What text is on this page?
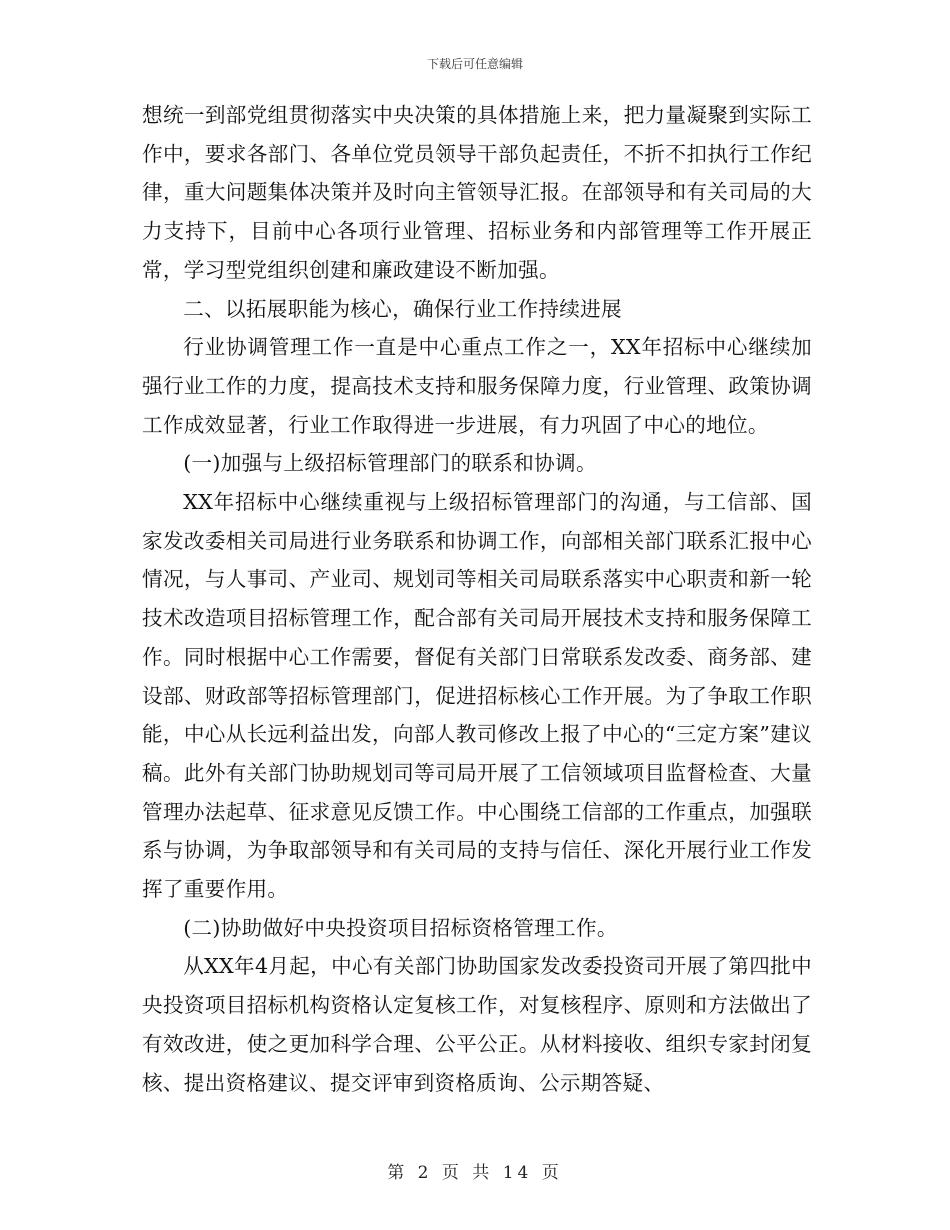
下载后可任意编辑

想统一到部党组贯彻落实中央决策的具体措施上来，把力量凝聚到实际工作中，要求各部门、各单位党员领导干部负起责任，不折不扣执行工作纪律，重大问题集体决策并及时向主管领导汇报。在部领导和有关司局的大力支持下，目前中心各项行业管理、招标业务和内部管理等工作开展正常，学习型党组织创建和廉政建设不断加强。

二、以拓展职能为核心，确保行业工作持续进展

行业协调管理工作一直是中心重点工作之一，XX年招标中心继续加强行业工作的力度，提高技术支持和服务保障力度，行业管理、政策协调工作成效显著，行业工作取得进一步进展，有力巩固了中心的地位。

(一)加强与上级招标管理部门的联系和协调。

XX年招标中心继续重视与上级招标管理部门的沟通，与工信部、国家发改委相关司局进行业务联系和协调工作，向部相关部门联系汇报中心情况，与人事司、产业司、规划司等相关司局联系落实中心职责和新一轮技术改造项目招标管理工作，配合部有关司局开展技术支持和服务保障工作。同时根据中心工作需要，督促有关部门日常联系发改委、商务部、建设部、财政部等招标管理部门，促进招标核心工作开展。为了争取工作职能，中心从长远利益出发，向部人教司修改上报了中心的“三定方案”建议稿。此外有关部门协助规划司等司局开展了工信领域项目监督检查、大量管理办法起草、征求意见反馈工作。中心围绕工信部的工作重点，加强联系与协调，为争取部领导和有关司局的支持与信任、深化开展行业工作发挥了重要作用。

(二)协助做好中央投资项目招标资格管理工作。

从XX年4月起，中心有关部门协助国家发改委投资司开展了第四批中央投资项目招标机构资格认定复核工作，对复核程序、原则和方法做出了有效改进，使之更加科学合理、公平公正。从材料接收、组织专家封闭复核、提出资格建议、提交评审到资格质询、公示期答疑、

第 2 页 共 14 页
